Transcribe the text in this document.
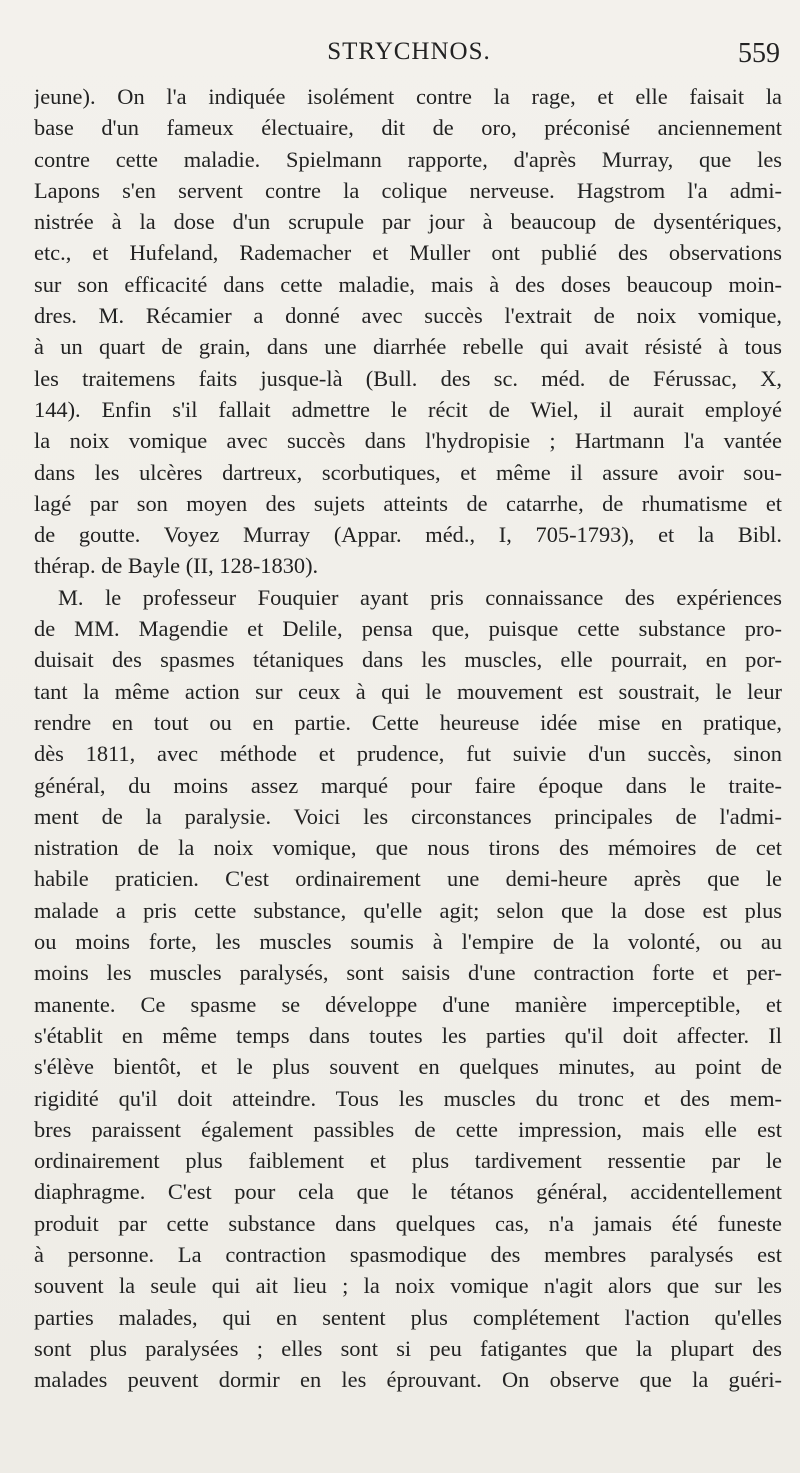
STRYCHNOS.	559
jeune). On l'a indiquée isolément contre la rage, et elle faisait la
base d'un fameux électuaire, dit de oro, préconisé anciennement
contre cette maladie. Spielmann rapporte, d'après Murray, que les
Lapons s'en servent contre la colique nerveuse. Hagstrom l'a admi-
nistrée à la dose d'un scrupule par jour à beaucoup de dysentériques,
etc., et Hufeland, Rademacher et Muller ont publié des observations
sur son efficacité dans cette maladie, mais à des doses beaucoup moin-
dres. M. Récamier a donné avec succès l'extrait de noix vomique,
à un quart de grain, dans une diarrhée rebelle qui avait résisté à tous
les traitemens faits jusque-là (Bull. des sc. méd. de Férussac, X,
144). Enfin s'il fallait admettre le récit de Wiel, il aurait employé
la noix vomique avec succès dans l'hydropisie ; Hartmann l'a vantée
dans les ulcères dartreux, scorbutiques, et même il assure avoir sou-
lagé par son moyen des sujets atteints de catarrhe, de rhumatisme et
de goutte. Voyez Murray (Appar. méd., I, 705-1793), et la Bibl.
thérap. de Bayle (II, 128-1830).
M. le professeur Fouquier ayant pris connaissance des expériences
de MM. Magendie et Delile, pensa que, puisque cette substance pro-
duisait des spasmes tétaniques dans les muscles, elle pourrait, en por-
tant la même action sur ceux à qui le mouvement est soustrait, le leur
rendre en tout ou en partie. Cette heureuse idée mise en pratique,
dès 1811, avec méthode et prudence, fut suivie d'un succès, sinon
général, du moins assez marqué pour faire époque dans le traite-
ment de la paralysie. Voici les circonstances principales de l'admi-
nistration de la noix vomique, que nous tirons des mémoires de cet
habile praticien. C'est ordinairement une demi-heure après que le
malade a pris cette substance, qu'elle agit; selon que la dose est plus
ou moins forte, les muscles soumis à l'empire de la volonté, ou au
moins les muscles paralysés, sont saisis d'une contraction forte et per-
manente. Ce spasme se développe d'une manière imperceptible, et
s'établit en même temps dans toutes les parties qu'il doit affecter. Il
s'élève bientôt, et le plus souvent en quelques minutes, au point de
rigidité qu'il doit atteindre. Tous les muscles du tronc et des mem-
bres paraissent également passibles de cette impression, mais elle est
ordinairement plus faiblement et plus tardivement ressentie par le
diaphragme. C'est pour cela que le tétanos général, accidentellement
produit par cette substance dans quelques cas, n'a jamais été funeste
à personne. La contraction spasmodique des membres paralysés est
souvent la seule qui ait lieu ; la noix vomique n'agit alors que sur les
parties malades, qui en sentent plus complétement l'action qu'elles
sont plus paralysées ; elles sont si peu fatigantes que la plupart des
malades peuvent dormir en les éprouvant. On observe que la guéri-
